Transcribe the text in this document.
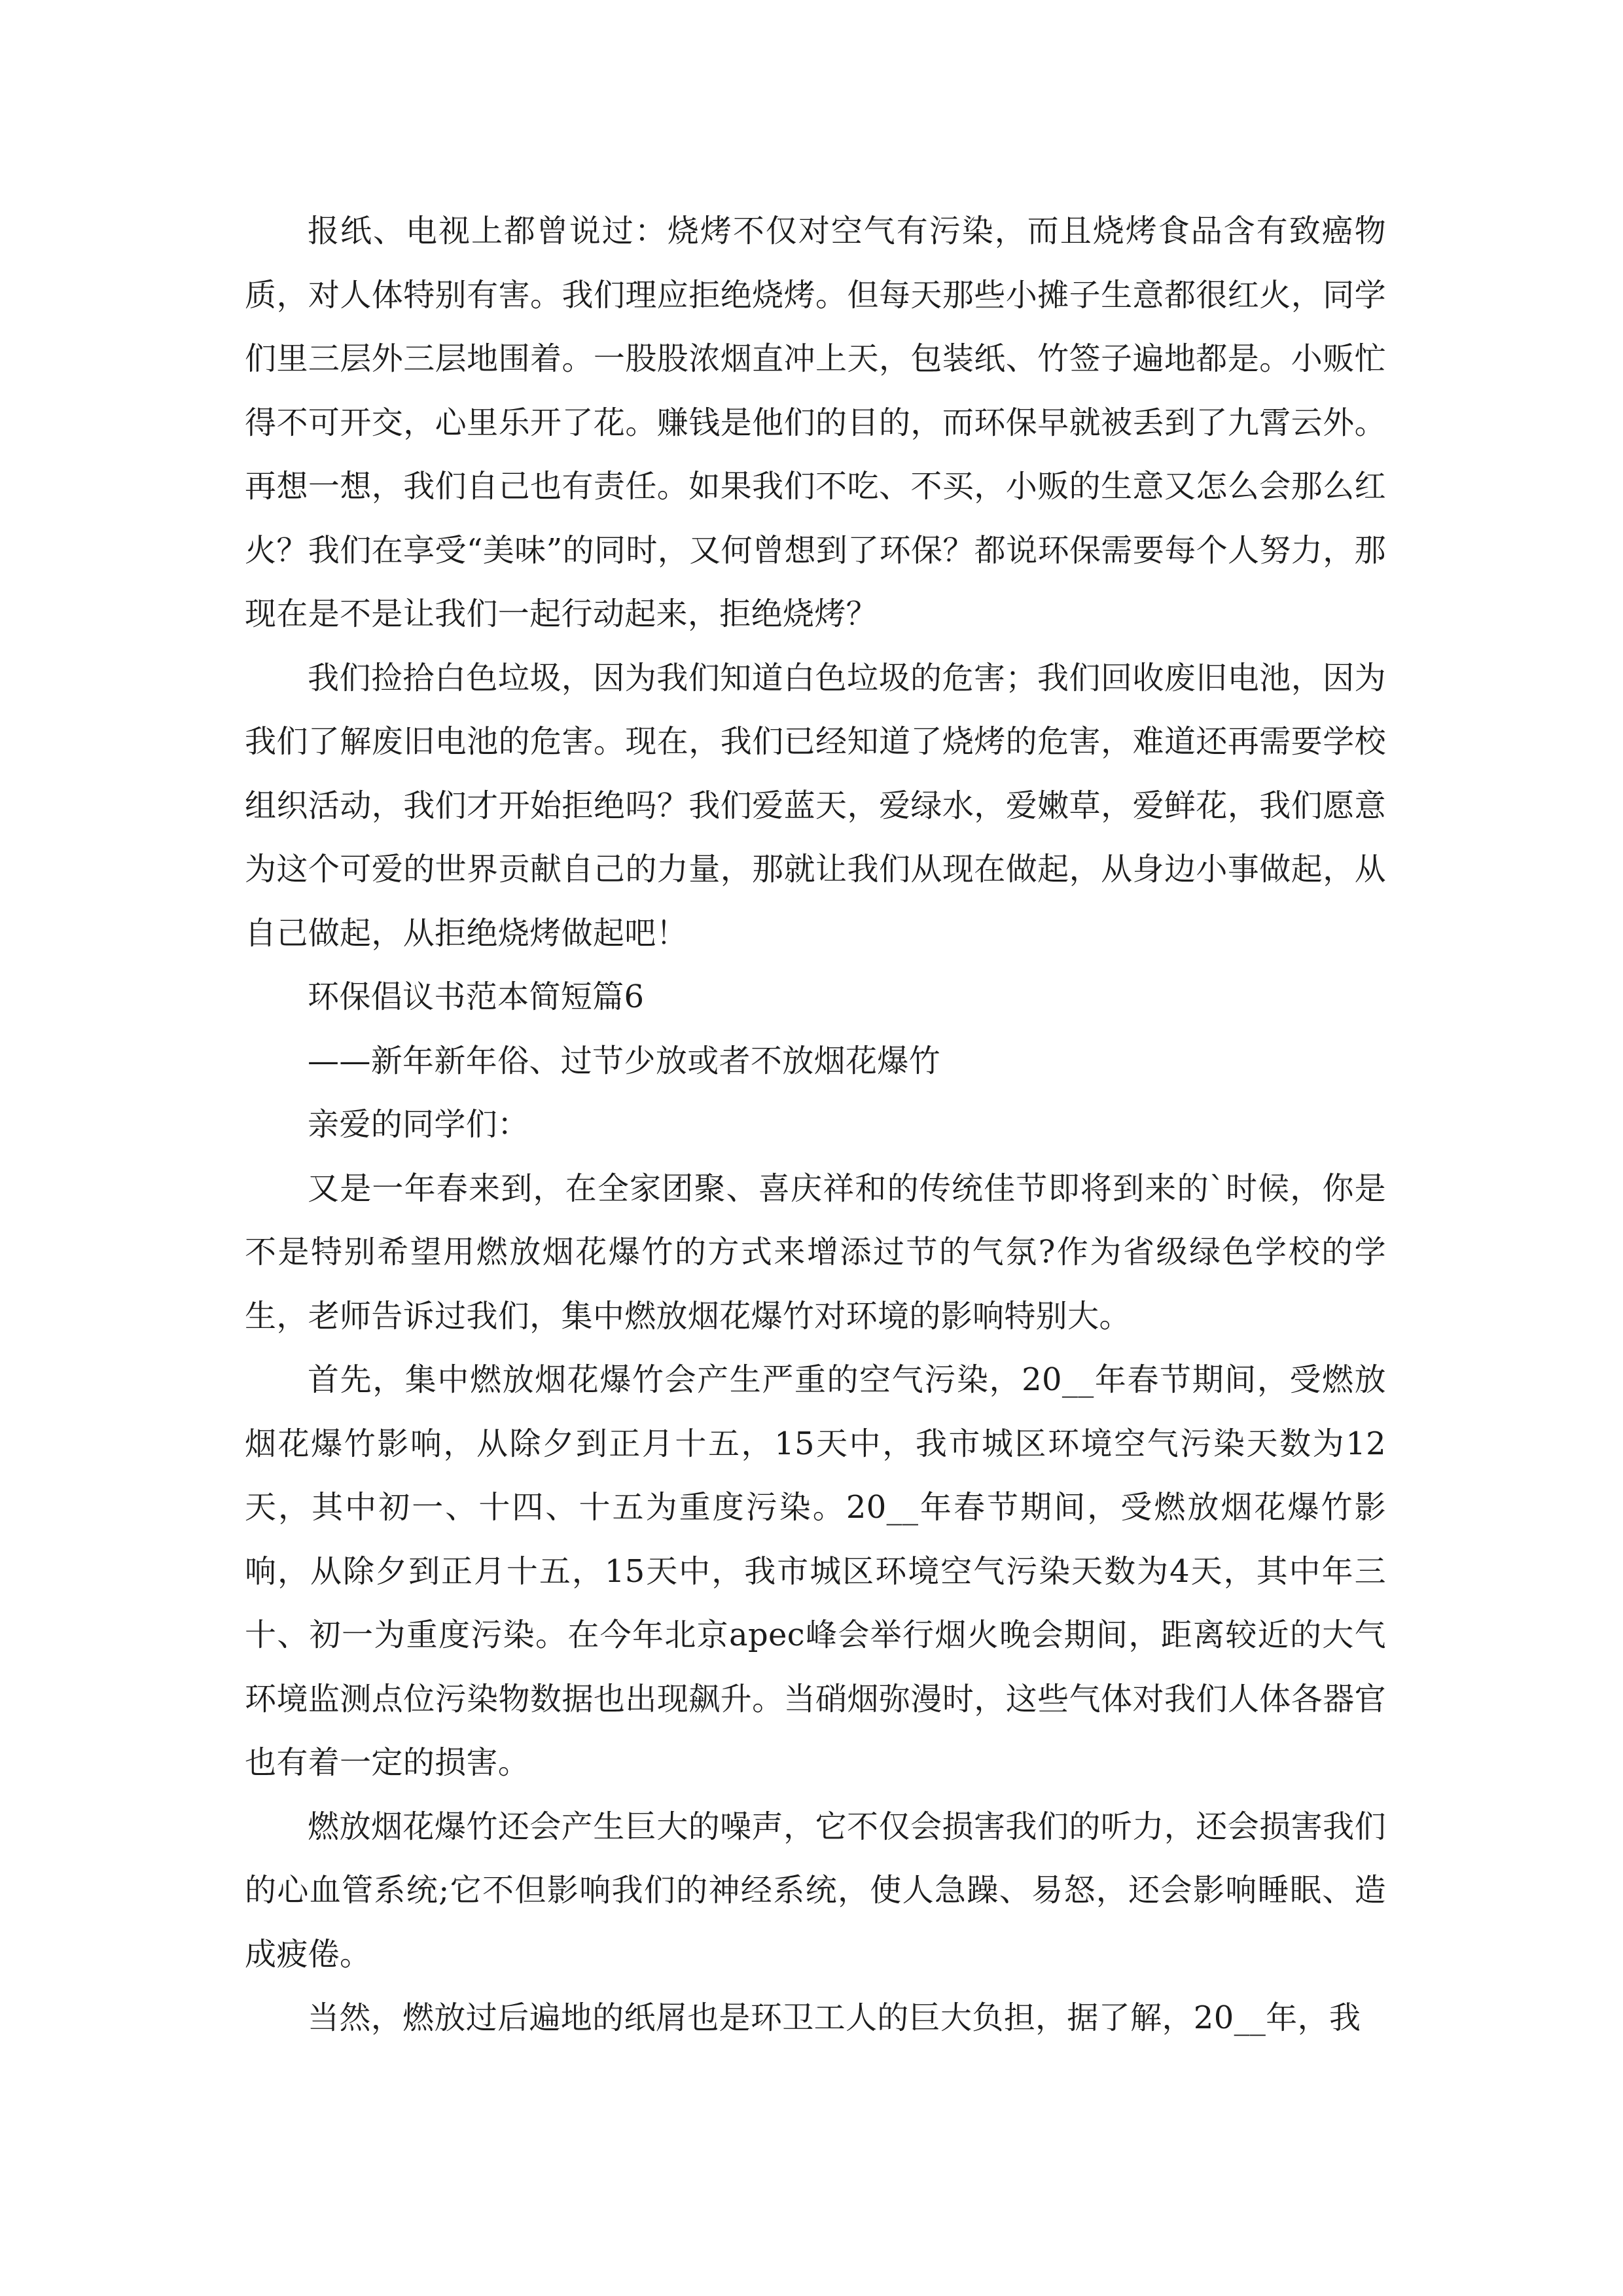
报纸、电视上都曾说过：烧烤不仅对空气有污染，而且烧烤食品含有致癌物质，对人体特别有害。我们理应拒绝烧烤。但每天那些小摊子生意都很红火，同学们里三层外三层地围着。一股股浓烟直冲上天，包装纸、竹签子遍地都是。小贩忙得不可开交，心里乐开了花。赚钱是他们的目的，而环保早就被丢到了九霄云外。再想一想，我们自己也有责任。如果我们不吃、不买，小贩的生意又怎么会那么红火？我们在享受“美味”的同时，又何曾想到了环保？都说环保需要每个人努力，那现在是不是让我们一起行动起来，拒绝烧烤？

我们捡拾白色垃圾，因为我们知道白色垃圾的危害；我们回收废旧电池，因为我们了解废旧电池的危害。现在，我们已经知道了烧烤的危害，难道还再需要学校组织活动，我们才开始拒绝吗？我们爱蓝天，爱绿水，爱嫩草，爱鲜花，我们愿意为这个可爱的世界贡献自己的力量，那就让我们从现在做起，从身边小事做起，从自己做起，从拒绝烧烤做起吧！

环保倡议书范本简短篇6

——新年新年俗、过节少放或者不放烟花爆竹

亲爱的同学们：

又是一年春来到，在全家团聚、喜庆祥和的传统佳节即将到来的`时候，你是不是特别希望用燃放烟花爆竹的方式来增添过节的气氛?作为省级绿色学校的学生，老师告诉过我们，集中燃放烟花爆竹对环境的影响特别大。

首先，集中燃放烟花爆竹会产生严重的空气污染，20__年春节期间，受燃放烟花爆竹影响，从除夕到正月十五，15天中，我市城区环境空气污染天数为12天，其中初一、十四、十五为重度污染。20__年春节期间，受燃放烟花爆竹影响，从除夕到正月十五，15天中，我市城区环境空气污染天数为4天，其中年三十、初一为重度污染。在今年北京apec峰会举行烟火晚会期间，距离较近的大气环境监测点位污染物数据也出现飙升。当硝烟弥漫时，这些气体对我们人体各器官也有着一定的损害。

燃放烟花爆竹还会产生巨大的噪声，它不仅会损害我们的听力，还会损害我们的心血管系统;它不但影响我们的神经系统，使人急躁、易怒，还会影响睡眠、造成疲倦。

当然，燃放过后遍地的纸屑也是环卫工人的巨大负担，据了解，20__年，我
